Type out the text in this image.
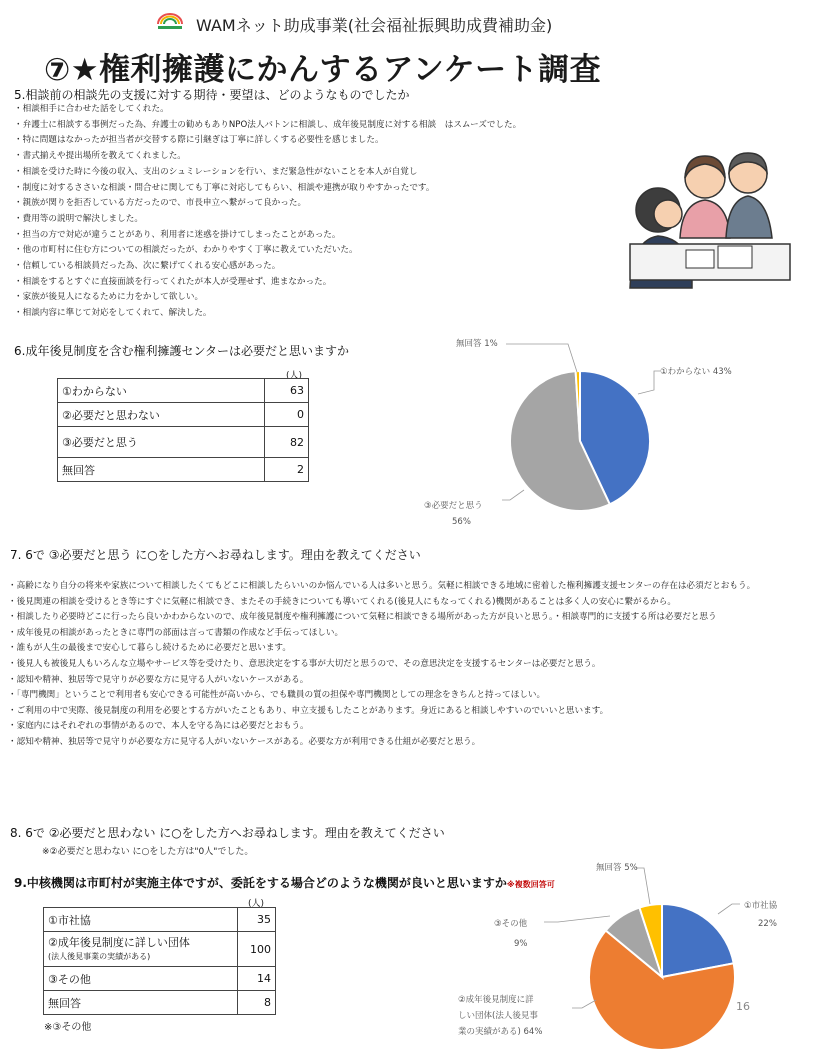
WAMネット助成事業(社会福祉振興助成費補助金)
⑦★権利擁護にかんするアンケート調査
5.相談前の相談先の支援に対する期待・要望は、どのようなものでしたか
・ 相談相手に合わせた話をしてくれた。
・ 弁護士に相談する事例だった為、弁護士の勧めもありNPO法人バトンに相談し、成年後見制度に対する相談　はスムーズでした。
・ 特に問題はなかったが担当者が交替する際に引継ぎは丁寧に詳しくする必要性を感じました。
・ 書式揃えや提出場所を教えてくれました。
・ 相談を受けた時に今後の収入、支出のシュミレーションを行い、まだ緊急性がないことを本人が自覚し
・ 制度に対するささいな相談・問合せに関しても丁寧に対応してもらい、相談や連携が取りやすかったです。
・ 親族が関りを拒否している方だったので、市長申立へ繋がって良かった。
・ 費用等の説明で解決しました。
・ 担当の方で対応が違うことがあり、利用者に迷惑を掛けてしまったことがあった。
・ 他の市町村に住む方についての相談だったが、わかりやすく丁寧に教えていただいた。
・ 信頼している相談員だった為、次に繋げてくれる安心感があった。
・ 相談をするとすぐに直接面談を行ってくれたが本人が受理せず、進まなかった。
・ 家族が後見人になるために力をかして欲しい。
・ 相談内容に準じて対応をしてくれて、解決した。
6.成年後見制度を含む権利擁護センターは必要だと思いますか
(人)
①わからない	63
②必要だと思わない	0
③必要だと思う	82
無回答	2
①わからない 43%
③必要だと思う
56%
無回答 1%
7. 6で ③必要だと思う に○をした方へお尋ねします。理由を教えてください
・ 高齢になり自分の将来や家族について相談したくてもどこに相談したらいいのか悩んでいる人は多いと思う。気軽に相談できる地域に密着した権利擁護支援センターの存在は必須だとおもう。
・ 後見関連の相談を受けるとき等にすぐに気軽に相談でき、またその手続きについても導いてくれる(後見人にもなってくれる)機関があることは多く人の安心に繋がるから。
・ 相談したり必要時どこに行ったら良いかわからないので、成年後見制度や権利擁護について気軽に相談できる場所があった方が良いと思う。・相談専門的に支援する所は必要だと思う
・ 成年後見の相談があったときに専門の部面は言って書類の作成など手伝ってほしい。
・ 誰もが人生の最後まで安心して暮らし続けるために必要だと思います。
・ 後見人も被後見人もいろんな立場やサービス等を受けたり、意思決定をする事が大切だと思うので、その意思決定を支援するセンターは必要だと思う。
・ 認知や精神、独居等で見守りが必要な方に見守る人がいないケースがある。
・ 「専門機関」ということで利用者も安心できる可能性が高いから、でも職員の質の担保や専門機関としての理念をきちんと持ってほしい。
・ ご利用の中で実際、後見制度の利用を必要とする方がいたこともあり、申立支援もしたことがあります。身近にあると相談しやすいのでいいと思います。
・ 家庭内にはそれぞれの事情があるので、本人を守る為には必要だとおもう。
・ 認知や精神、独居等で見守りが必要な方に見守る人がいないケースがある。必要な方が利用できる仕組が必要だと思う。
8. 6で ②必要だと思わない に○をした方へお尋ねします。理由を教えてください
※②必要だと思わない に○をした方は"0人"でした。
9.中核機関は市町村が実施主体ですが、委託をする場合どのような機関が良いと思いますか※複数回答可
(人)
①市社協	35
②成年後見制度に詳しい団体
(法人後見事業の実績がある)	100
③その他	14
無回答	8
※③その他
①市社協
22%
②成年後見制度に詳
しい団体(法人後見事
業の実績がある) 64%
③その他
9%
無回答 5%
16
